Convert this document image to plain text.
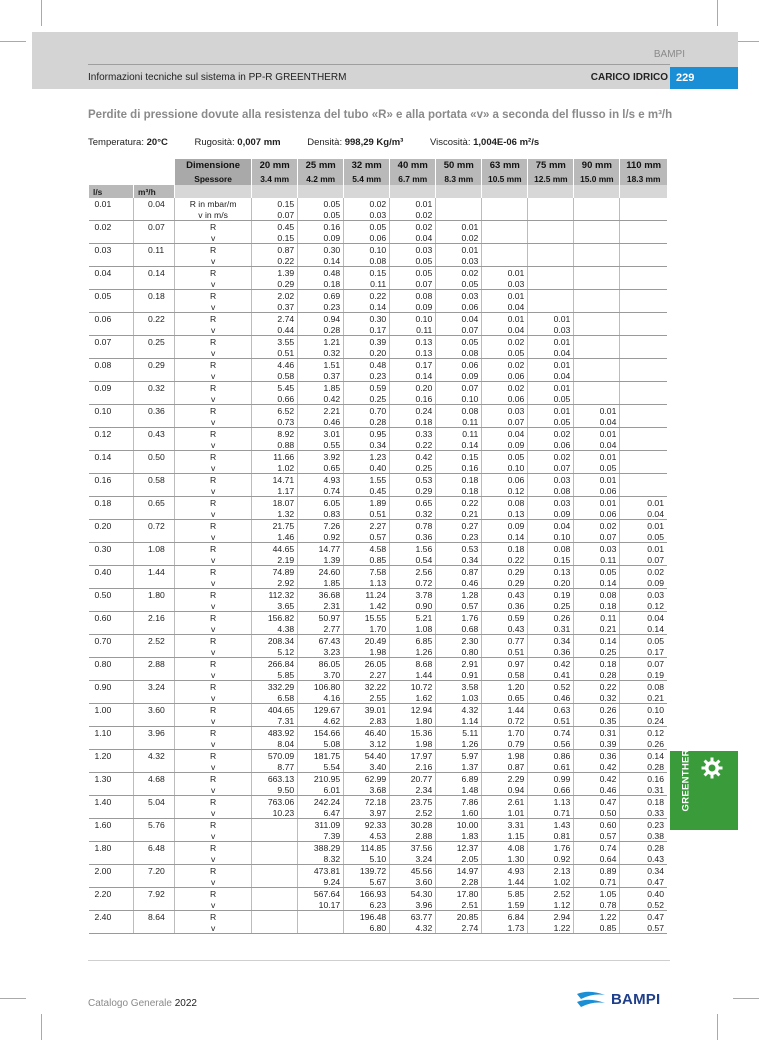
BAMPI
Informazioni tecniche sul sistema in PP-R GREENTHERM	CARICO IDRICO 229
Perdite di pressione dovute alla resistenza del tubo «R» e alla portata «v» a seconda del flusso in l/s e m³/h
Temperatura: 20°C	Rugosità: 0,007 mm	Densità: 998,29 Kg/m³	Viscosità: 1,004E-06 m²/s
		Dimensione	20 mm	25 mm	32 mm	40 mm	50 mm	63 mm	75 mm	90 mm	110 mm
		Spessore	3.4 mm	4.2 mm	5.4 mm	6.7 mm	8.3 mm	10.5 mm	12.5 mm	15.0 mm	18.3 mm
l/s	m³/h										
0.01	0.04	R in mbar/m	0.15	0.05	0.02	0.01					
		v in m/s	0.07	0.05	0.03	0.02					
0.02	0.07	R	0.45	0.16	0.05	0.02	0.01				
		v	0.15	0.09	0.06	0.04	0.02				
0.03	0.11	R	0.87	0.30	0.10	0.03	0.01				
		v	0.22	0.14	0.08	0.05	0.03				
0.04	0.14	R	1.39	0.48	0.15	0.05	0.02	0.01			
		v	0.29	0.18	0.11	0.07	0.05	0.03			
0.05	0.18	R	2.02	0.69	0.22	0.08	0.03	0.01			
		v	0.37	0.23	0.14	0.09	0.06	0.04			
0.06	0.22	R	2.74	0.94	0.30	0.10	0.04	0.01	0.01		
		v	0.44	0.28	0.17	0.11	0.07	0.04	0.03		
0.07	0.25	R	3.55	1.21	0.39	0.13	0.05	0.02	0.01		
		v	0.51	0.32	0.20	0.13	0.08	0.05	0.04		
0.08	0.29	R	4.46	1.51	0.48	0.17	0.06	0.02	0.01		
		v	0.58	0.37	0.23	0.14	0.09	0.06	0.04		
0.09	0.32	R	5.45	1.85	0.59	0.20	0.07	0.02	0.01		
		v	0.66	0.42	0.25	0.16	0.10	0.06	0.05		
0.10	0.36	R	6.52	2.21	0.70	0.24	0.08	0.03	0.01	0.01	
		v	0.73	0.46	0.28	0.18	0.11	0.07	0.05	0.04	
0.12	0.43	R	8.92	3.01	0.95	0.33	0.11	0.04	0.02	0.01	
		v	0.88	0.55	0.34	0.22	0.14	0.09	0.06	0.04	
0.14	0.50	R	11.66	3.92	1.23	0.42	0.15	0.05	0.02	0.01	
		v	1.02	0.65	0.40	0.25	0.16	0.10	0.07	0.05	
0.16	0.58	R	14.71	4.93	1.55	0.53	0.18	0.06	0.03	0.01	
		v	1.17	0.74	0.45	0.29	0.18	0.12	0.08	0.06	
0.18	0.65	R	18.07	6.05	1.89	0.65	0.22	0.08	0.03	0.01	0.01
		v	1.32	0.83	0.51	0.32	0.21	0.13	0.09	0.06	0.04
0.20	0.72	R	21.75	7.26	2.27	0.78	0.27	0.09	0.04	0.02	0.01
		v	1.46	0.92	0.57	0.36	0.23	0.14	0.10	0.07	0.05
0.30	1.08	R	44.65	14.77	4.58	1.56	0.53	0.18	0.08	0.03	0.01
		v	2.19	1.39	0.85	0.54	0.34	0.22	0.15	0.11	0.07
0.40	1.44	R	74.89	24.60	7.58	2.56	0.87	0.29	0.13	0.05	0.02
		v	2.92	1.85	1.13	0.72	0.46	0.29	0.20	0.14	0.09
0.50	1.80	R	112.32	36.68	11.24	3.78	1.28	0.43	0.19	0.08	0.03
		v	3.65	2.31	1.42	0.90	0.57	0.36	0.25	0.18	0.12
0.60	2.16	R	156.82	50.97	15.55	5.21	1.76	0.59	0.26	0.11	0.04
		v	4.38	2.77	1.70	1.08	0.68	0.43	0.31	0.21	0.14
0.70	2.52	R	208.34	67.43	20.49	6.85	2.30	0.77	0.34	0.14	0.05
		v	5.12	3.23	1.98	1.26	0.80	0.51	0.36	0.25	0.17
0.80	2.88	R	266.84	86.05	26.05	8.68	2.91	0.97	0.42	0.18	0.07
		v	5.85	3.70	2.27	1.44	0.91	0.58	0.41	0.28	0.19
0.90	3.24	R	332.29	106.80	32.22	10.72	3.58	1.20	0.52	0.22	0.08
		v	6.58	4.16	2.55	1.62	1.03	0.65	0.46	0.32	0.21
1.00	3.60	R	404.65	129.67	39.01	12.94	4.32	1.44	0.63	0.26	0.10
		v	7.31	4.62	2.83	1.80	1.14	0.72	0.51	0.35	0.24
1.10	3.96	R	483.92	154.66	46.40	15.36	5.11	1.70	0.74	0.31	0.12
		v	8.04	5.08	3.12	1.98	1.26	0.79	0.56	0.39	0.26
1.20	4.32	R	570.09	181.75	54.40	17.97	5.97	1.98	0.86	0.36	0.14
		v	8.77	5.54	3.40	2.16	1.37	0.87	0.61	0.42	0.28
1.30	4.68	R	663.13	210.95	62.99	20.77	6.89	2.29	0.99	0.42	0.16
		v	9.50	6.01	3.68	2.34	1.48	0.94	0.66	0.46	0.31
1.40	5.04	R	763.06	242.24	72.18	23.75	7.86	2.61	1.13	0.47	0.18
		v	10.23	6.47	3.97	2.52	1.60	1.01	0.71	0.50	0.33
1.60	5.76	R		311.09	92.33	30.28	10.00	3.31	1.43	0.60	0.23
		v		7.39	4.53	2.88	1.83	1.15	0.81	0.57	0.38
1.80	6.48	R		388.29	114.85	37.56	12.37	4.08	1.76	0.74	0.28
		v		8.32	5.10	3.24	2.05	1.30	0.92	0.64	0.43
2.00	7.20	R		473.81	139.72	45.56	14.97	4.93	2.13	0.89	0.34
		v		9.24	5.67	3.60	2.28	1.44	1.02	0.71	0.47
2.20	7.92	R		567.64	166.93	54.30	17.80	5.85	2.52	1.05	0.40
		v		10.17	6.23	3.96	2.51	1.59	1.12	0.78	0.52
2.40	8.64	R			196.48	63.77	20.85	6.84	2.94	1.22	0.47
		v			6.80	4.32	2.74	1.73	1.22	0.85	0.57
GREENTHERM
Catalogo Generale 2022	BAMPI
